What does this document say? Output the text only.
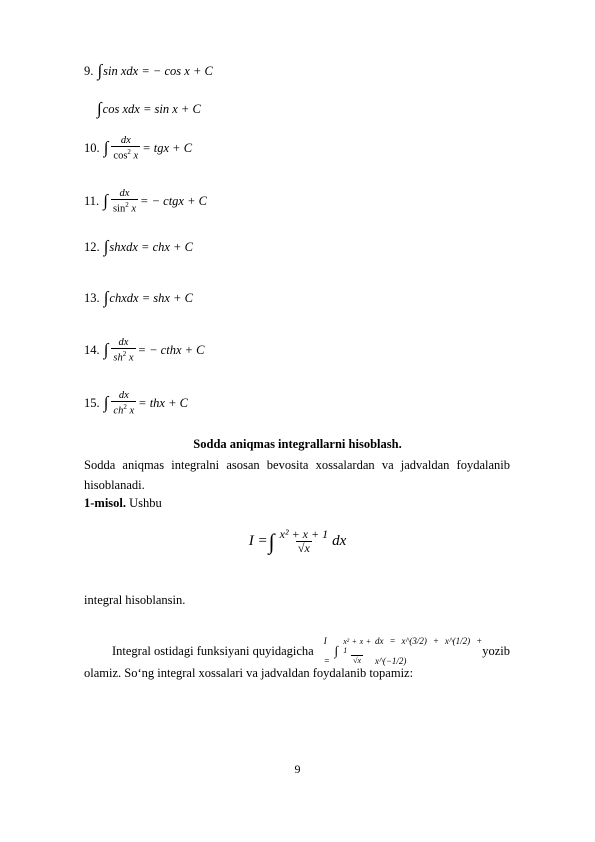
9. ∫ sin xdx
= − cos x + C
∫ cos xdx
= sin x + C
10. ∫ $\frac{dx}{\cos^2 x}$ = tgx + C
11. ∫ $\frac{dx}{\sin^2 x}$ = − ctgx + C
12. ∫ shxdx
= chx + C
13. ∫ chxdx
= shx + C
14. ∫ $\frac{dx}{sh^2 x}$ = − cthx + C
15. ∫ $\frac{dx}{ch^2 x}$ = thx + C
Sodda aniqmas integrallarni hisoblash.
Sodda aniqmas integralni asosan bevosita xossalardan va jadvaldan foydalanib hisoblanadi.
1-misol. Ushbu
I = ∫ $\frac{\text{x² + x + 1}}{√x}$ dx
integral hisoblansin.
Integral ostidagi funksiyani quyidagicha
I =
∫ $\frac{\text{x² + x + 1}}{√x}$ dx = x^(3/2) + x^(1/2) + x^(−1/2)
yozib
olamiz. So‘ng integral xossalari va jadvaldan foydalanib topamiz:
9
